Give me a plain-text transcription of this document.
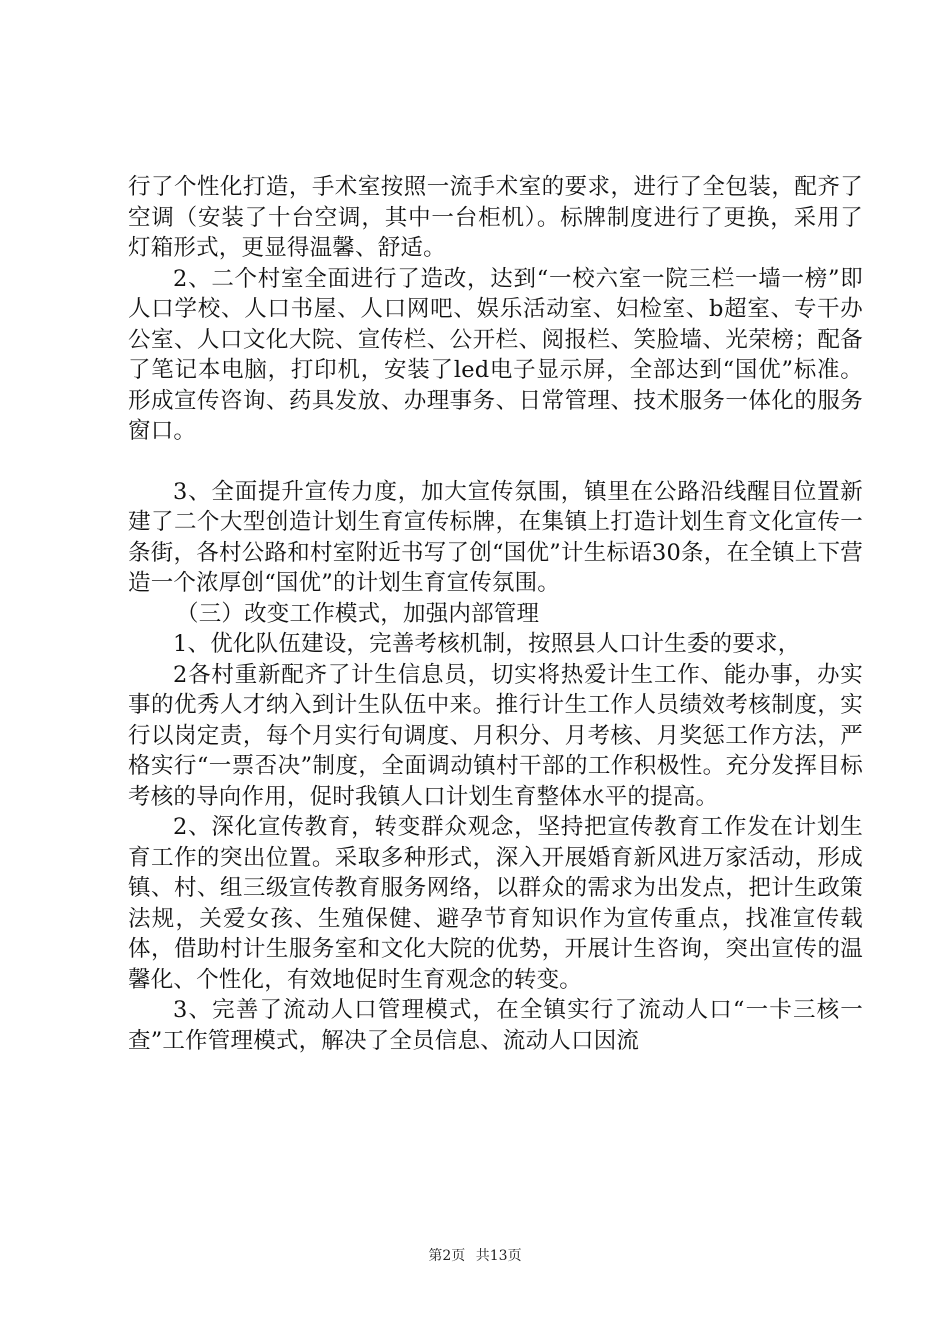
行了个性化打造，手术室按照一流手术室的要求，进行了全包装，配齐了空调（安装了十台空调，其中一台柜机）。标牌制度进行了更换，采用了灯箱形式，更显得温馨、舒适。

2、二个村室全面进行了造改，达到“一校六室一院三栏一墙一榜”即人口学校、人口书屋、人口网吧、娱乐活动室、妇检室、b超室、专干办公室、人口文化大院、宣传栏、公开栏、阅报栏、笑脸墙、光荣榜；配备了笔记本电脑，打印机，安装了led电子显示屏，全部达到“国优”标准。形成宣传咨询、药具发放、办理事务、日常管理、技术服务一体化的服务窗口。

3、全面提升宣传力度，加大宣传氛围，镇里在公路沿线醒目位置新建了二个大型创造计划生育宣传标牌，在集镇上打造计划生育文化宣传一条街，各村公路和村室附近书写了创“国优”计生标语30条，在全镇上下营造一个浓厚创“国优”的计划生育宣传氛围。

（三）改变工作模式，加强内部管理

1、优化队伍建设，完善考核机制，按照县人口计生委的要求，

2各村重新配齐了计生信息员，切实将热爱计生工作、能办事，办实事的优秀人才纳入到计生队伍中来。推行计生工作人员绩效考核制度，实行以岗定责，每个月实行旬调度、月积分、月考核、月奖惩工作方法，严格实行“一票否决”制度，全面调动镇村干部的工作积极性。充分发挥目标考核的导向作用，促时我镇人口计划生育整体水平的提高。

2、深化宣传教育，转变群众观念，坚持把宣传教育工作发在计划生育工作的突出位置。采取多种形式，深入开展婚育新风进万家活动，形成镇、村、组三级宣传教育服务网络，以群众的需求为出发点，把计生政策法规，关爱女孩、生殖保健、避孕节育知识作为宣传重点，找准宣传载体，借助村计生服务室和文化大院的优势，开展计生咨询，突出宣传的温馨化、个性化，有效地促时生育观念的转变。

3、完善了流动人口管理模式，在全镇实行了流动人口“一卡三核一查”工作管理模式，解决了全员信息、流动人口因流

第2页 共13页
